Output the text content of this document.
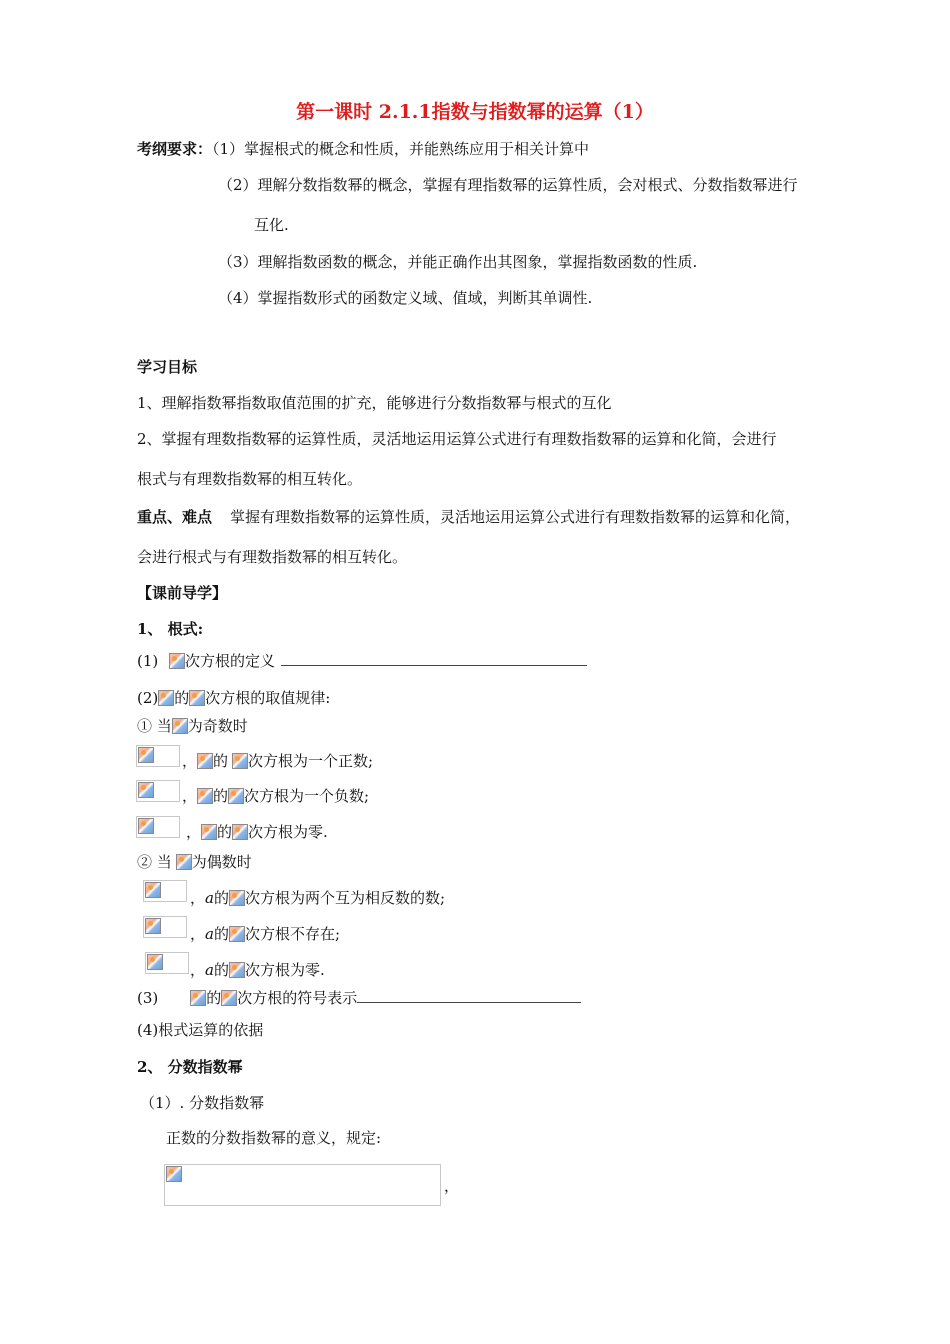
第一课时 2.1.1指数与指数幂的运算（1）
考纲要求：（1）掌握根式的概念和性质，并能熟练应用于相关计算中
（2）理解分数指数幂的概念，掌握有理指数幂的运算性质，会对根式、分数指数幂进行
互化.
（3）理解指数函数的概念，并能正确作出其图象，掌握指数函数的性质.
（4）掌握指数形式的函数定义域、值域，判断其单调性.
学习目标
1、理解指数幂指数取值范围的扩充，能够进行分数指数幂与根式的互化
2、掌握有理数指数幂的运算性质，灵活地运用运算公式进行有理数指数幂的运算和化简，会进行
根式与有理数指数幂的相互转化。
重点、难点 掌握有理数指数幂的运算性质，灵活地运用运算公式进行有理数指数幂的运算和化简，
会进行根式与有理数指数幂的相互转化。
【课前导学】
1、 根式:
(1) 次方根的定义
(2) 的 次方根的取值规律:
① 当 为奇数时
， 的 次方根为一个正数;
， 的 次方根为一个负数;
， 的 次方根为零.
② 当 为偶数时
，a的 次方根为两个互为相反数的数;
，a的 次方根不存在;
，a的 次方根为零.
(3)	的 次方根的符号表示
(4)根式运算的依据
2、 分数指数幂
（1）. 分数指数幂
正数的分数指数幂的意义，规定:
，
